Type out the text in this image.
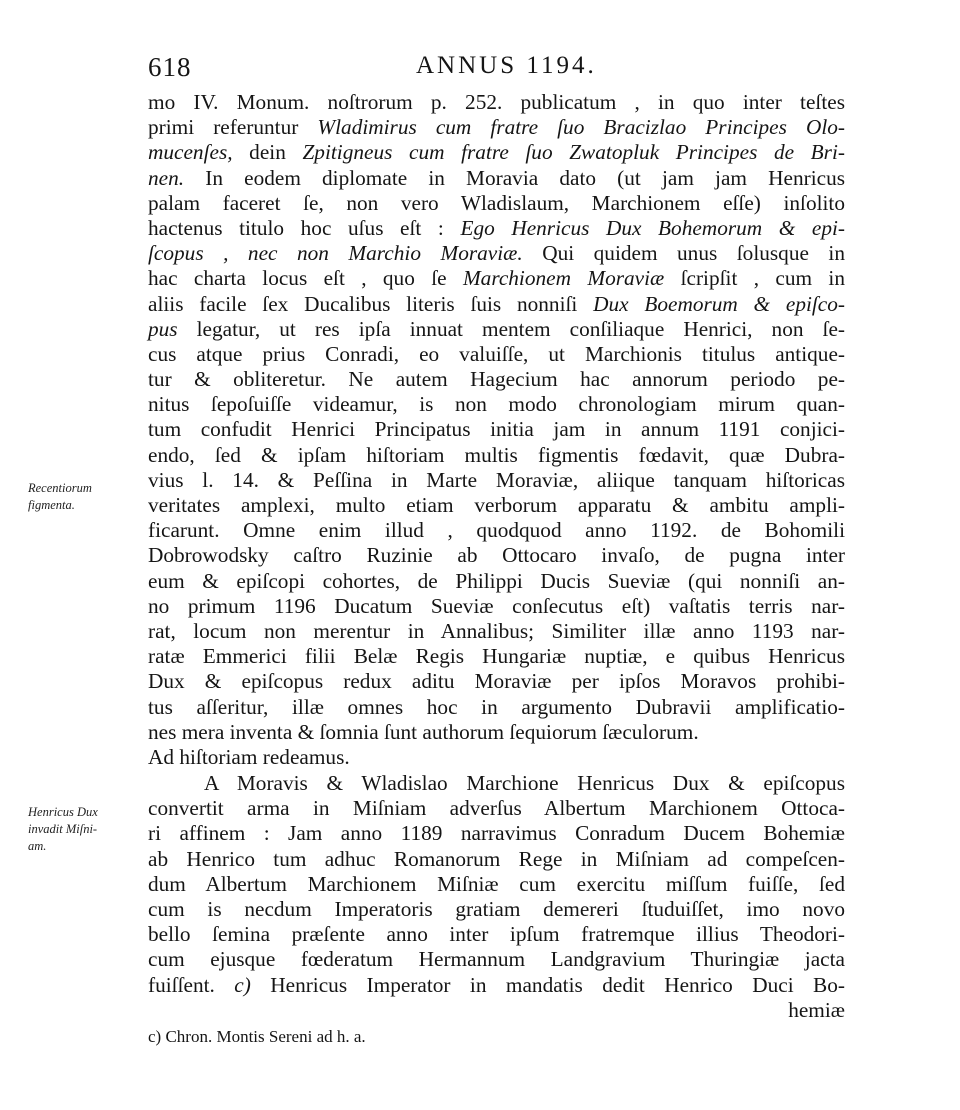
618	ANNUS 1194.
mo IV. Monum. noſtrorum p. 252. publicatum , in quo inter teſtes
primi referuntur Wladimirus cum fratre ſuo Bracizlao Principes Olo-
mucenſes, dein Zpitigneus cum fratre ſuo Zwatopluk Principes de Bri-
nen. In eodem diplomate in Moravia dato (ut jam jam Henricus
palam faceret ſe, non vero Wladislaum, Marchionem eſſe) inſolito
hactenus titulo hoc uſus eſt : Ego Henricus Dux Bohemorum & epi-
ſcopus , nec non Marchio Moraviæ. Qui quidem unus ſolusque in
hac charta locus eſt , quo ſe Marchionem Moraviæ ſcripſit , cum in
aliis facile ſex Ducalibus literis ſuis nonniſi Dux Boemorum & epiſco-
pus legatur, ut res ipſa innuat mentem conſiliaque Henrici, non ſe-
cus atque prius Conradi, eo valuiſſe, ut Marchionis titulus antique-
tur & obliteretur. Ne autem Hagecium hac annorum periodo pe-
nitus ſepoſuiſſe videamur, is non modo chronologiam mirum quan-
tum confudit Henrici Principatus initia jam in annum 1191 conjici-
endo, ſed & ipſam hiſtoriam multis figmentis fœdavit, quæ Dubra-
vius l. 14. & Peſſina in Marte Moraviæ, aliique tanquam hiſtoricas
veritates amplexi, multo etiam verborum apparatu & ambitu ampli-
ficarunt. Omne enim illud , quodquod anno 1192. de Bohomili
Dobrowodsky caſtro Ruzinie ab Ottocaro invaſo, de pugna inter
eum & epiſcopi cohortes, de Philippi Ducis Sueviæ (qui nonniſi an-
no primum 1196 Ducatum Sueviæ conſecutus eſt) vaſtatis terris nar-
rat, locum non merentur in Annalibus; Similiter illæ anno 1193 nar-
ratæ Emmerici filii Belæ Regis Hungariæ nuptiæ, e quibus Henricus
Dux & epiſcopus redux aditu Moraviæ per ipſos Moravos prohibi-
tus aſſeritur, illæ omnes hoc in argumento Dubravii amplificatio-
nes mera inventa & ſomnia ſunt authorum ſequiorum ſæculorum.
Ad hiſtoriam redeamus.
A Moravis & Wladislao Marchione Henricus Dux & epiſcopus
convertit arma in Miſniam adverſus Albertum Marchionem Ottoca-
ri affinem : Jam anno 1189 narravimus Conradum Ducem Bohemiæ
ab Henrico tum adhuc Romanorum Rege in Miſniam ad compeſcen-
dum Albertum Marchionem Miſniæ cum exercitu miſſum fuiſſe, ſed
cum is necdum Imperatoris gratiam demereri ſtuduiſſet, imo novo
bello ſemina præſente anno inter ipſum fratremque illius Theodori-
cum ejusque fœderatum Hermannum Landgravium Thuringiæ jacta
fuiſſent. c) Henricus Imperator in mandatis dedit Henrico Duci Bo-
hemiæ
Recentiorum
figmenta.
Henricus Dux
invadit Miſni-
am.
c) Chron. Montis Sereni ad h. a.
